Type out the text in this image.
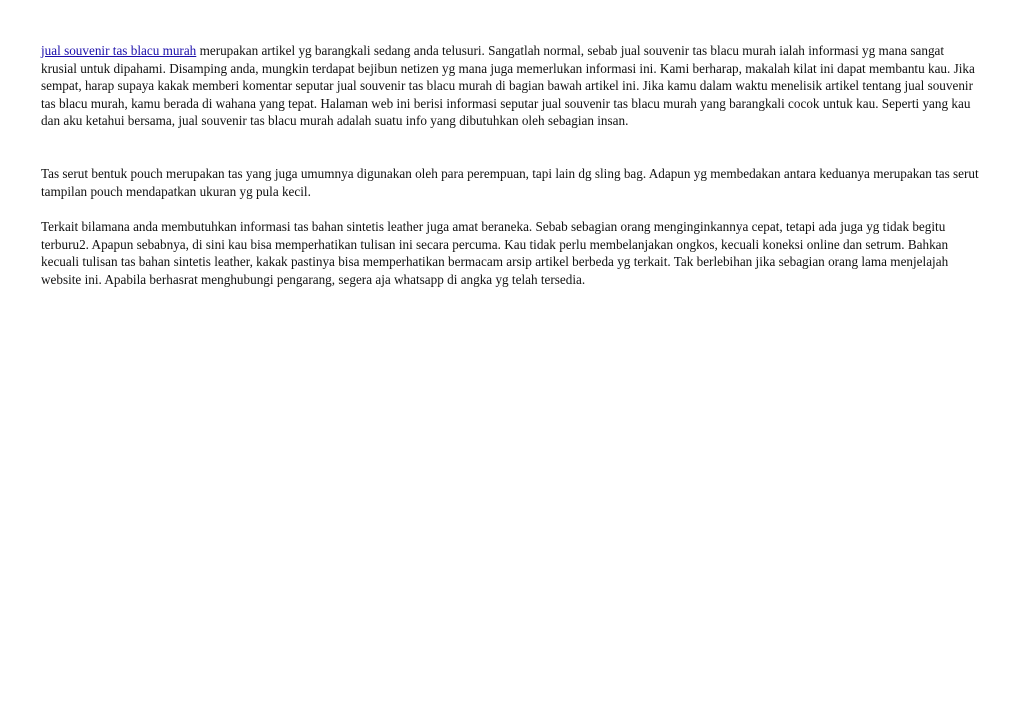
jual souvenir tas blacu murah merupakan artikel yg barangkali sedang anda telusuri. Sangatlah normal, sebab jual souvenir tas blacu murah ialah informasi yg mana sangat krusial untuk dipahami. Disamping anda, mungkin terdapat bejibun netizen yg mana juga memerlukan informasi ini. Kami berharap, makalah kilat ini dapat membantu kau. Jika sempat, harap supaya kakak memberi komentar seputar jual souvenir tas blacu murah di bagian bawah artikel ini. Jika kamu dalam waktu menelisik artikel tentang jual souvenir tas blacu murah, kamu berada di wahana yang tepat. Halaman web ini berisi informasi seputar jual souvenir tas blacu murah yang barangkali cocok untuk kau. Seperti yang kau dan aku ketahui bersama, jual souvenir tas blacu murah adalah suatu info yang dibutuhkan oleh sebagian insan.

Tas serut bentuk pouch merupakan tas yang juga umumnya digunakan oleh para perempuan, tapi lain dg sling bag. Adapun yg membedakan antara keduanya merupakan tas serut tampilan pouch mendapatkan ukuran yg pula kecil.

Terkait bilamana anda membutuhkan informasi tas bahan sintetis leather juga amat beraneka. Sebab sebagian orang menginginkannya cepat, tetapi ada juga yg tidak begitu terburu2. Apapun sebabnya, di sini kau bisa memperhatikan tulisan ini secara percuma. Kau tidak perlu membelanjakan ongkos, kecuali koneksi online dan setrum. Bahkan kecuali tulisan tas bahan sintetis leather, kakak pastinya bisa memperhatikan bermacam arsip artikel berbeda yg terkait. Tak berlebihan jika sebagian orang lama menjelajah website ini. Apabila berhasrat menghubungi pengarang, segera aja whatsapp di angka yg telah tersedia.
